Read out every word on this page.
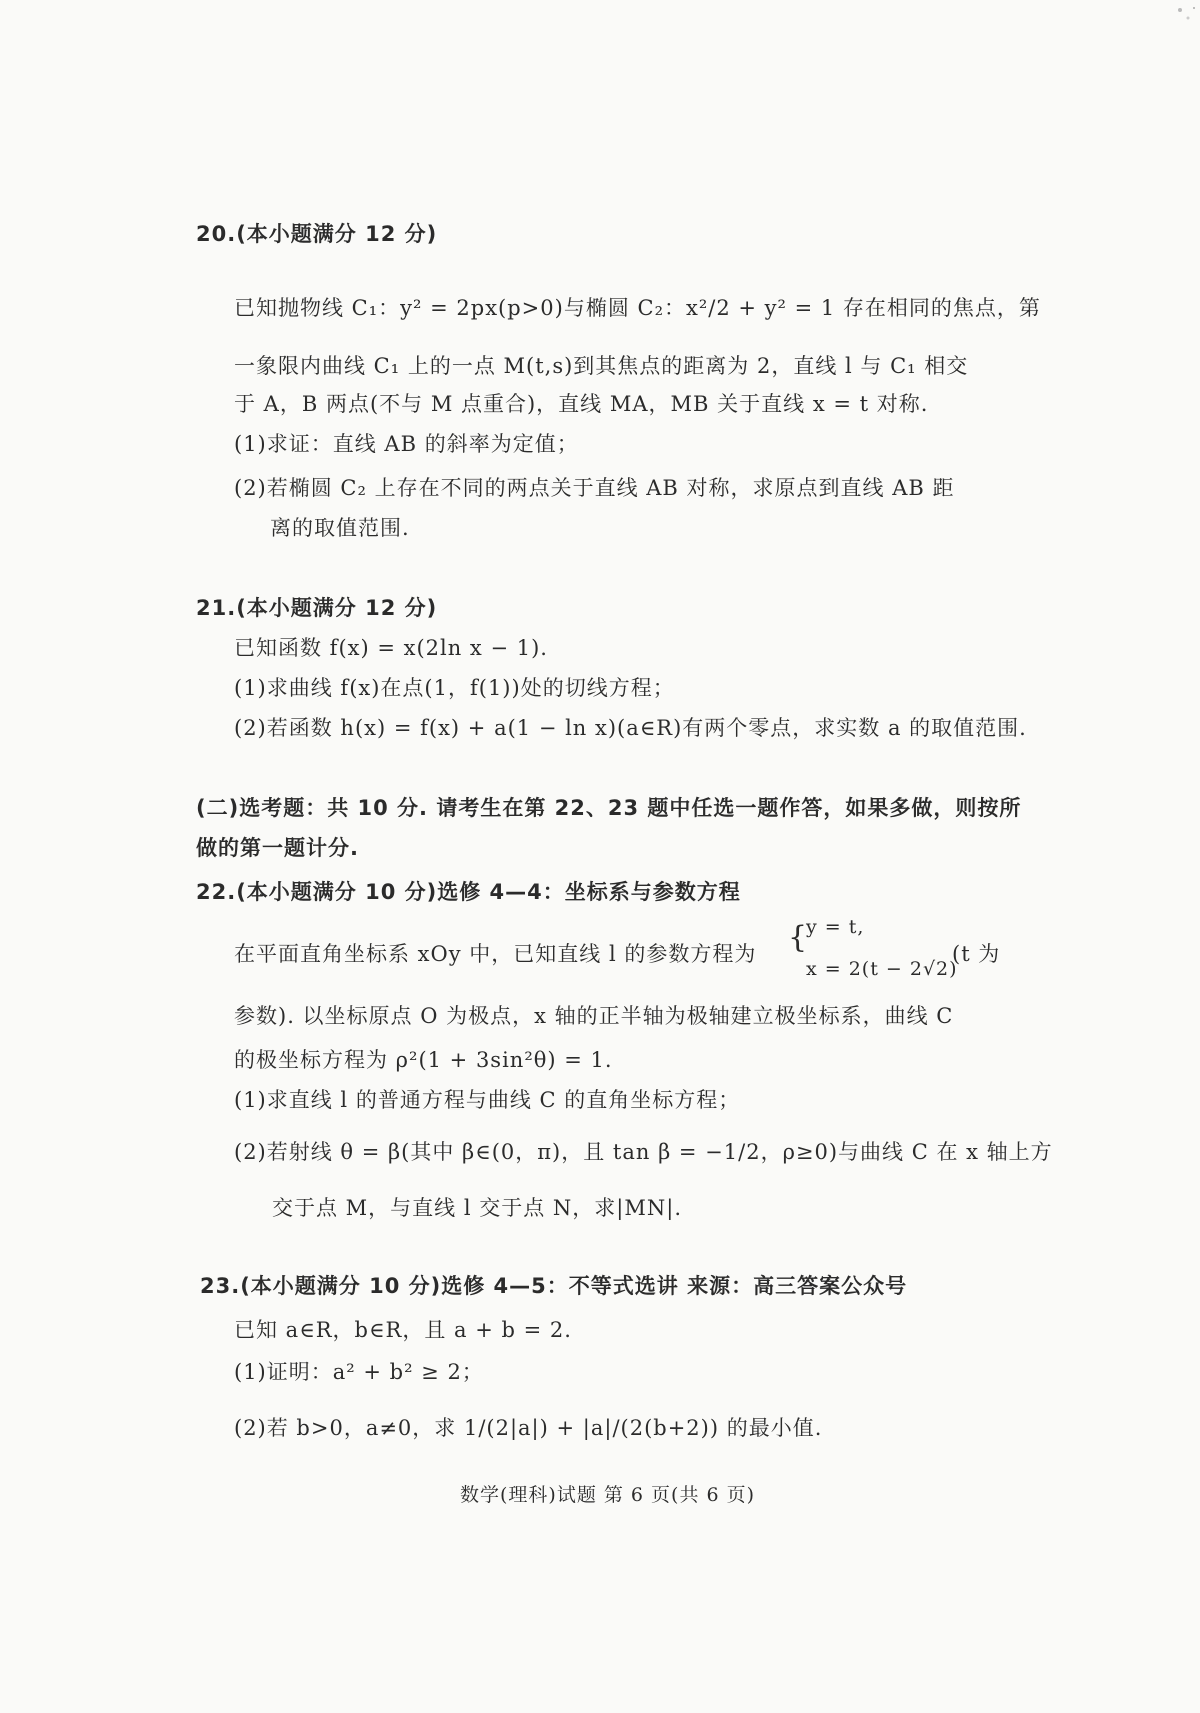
20.(本小题满分 12 分)
已知抛物线 C₁：y² = 2px(p>0)与椭圆 C₂：x²/2 + y² = 1 存在相同的焦点，第
一象限内曲线 C₁ 上的一点 M(t,s)到其焦点的距离为 2，直线 l 与 C₁ 相交
于 A，B 两点(不与 M 点重合)，直线 MA，MB 关于直线 x = t 对称.
(1)求证：直线 AB 的斜率为定值；
(2)若椭圆 C₂ 上存在不同的两点关于直线 AB 对称，求原点到直线 AB 距
离的取值范围.
21.(本小题满分 12 分)
已知函数 f(x) = x(2ln x − 1).
(1)求曲线 f(x)在点(1，f(1))处的切线方程；
(2)若函数 h(x) = f(x) + a(1 − ln x)(a∈R)有两个零点，求实数 a 的取值范围.
(二)选考题：共 10 分. 请考生在第 22、23 题中任选一题作答，如果多做，则按所
做的第一题计分.
22.(本小题满分 10 分)选修 4—4：坐标系与参数方程
在平面直角坐标系 xOy 中，已知直线 l 的参数方程为 {
y = t,
x = 2(t − 2√2)
(t 为
参数). 以坐标原点 O 为极点，x 轴的正半轴为极轴建立极坐标系，曲线 C
的极坐标方程为 ρ²(1 + 3sin²θ) = 1.
(1)求直线 l 的普通方程与曲线 C 的直角坐标方程；
(2)若射线 θ = β(其中 β∈(0，π)，且 tan β = −1/2，ρ≥0)与曲线 C 在 x 轴上方
交于点 M，与直线 l 交于点 N，求|MN|.
23.(本小题满分 10 分)选修 4—5：不等式选讲 来源：高三答案公众号
已知 a∈R，b∈R，且 a + b = 2.
(1)证明：a² + b² ≥ 2；
(2)若 b>0，a≠0，求 1/(2|a|) + |a|/(2(b+2)) 的最小值.
数学(理科)试题 第 6 页(共 6 页)
